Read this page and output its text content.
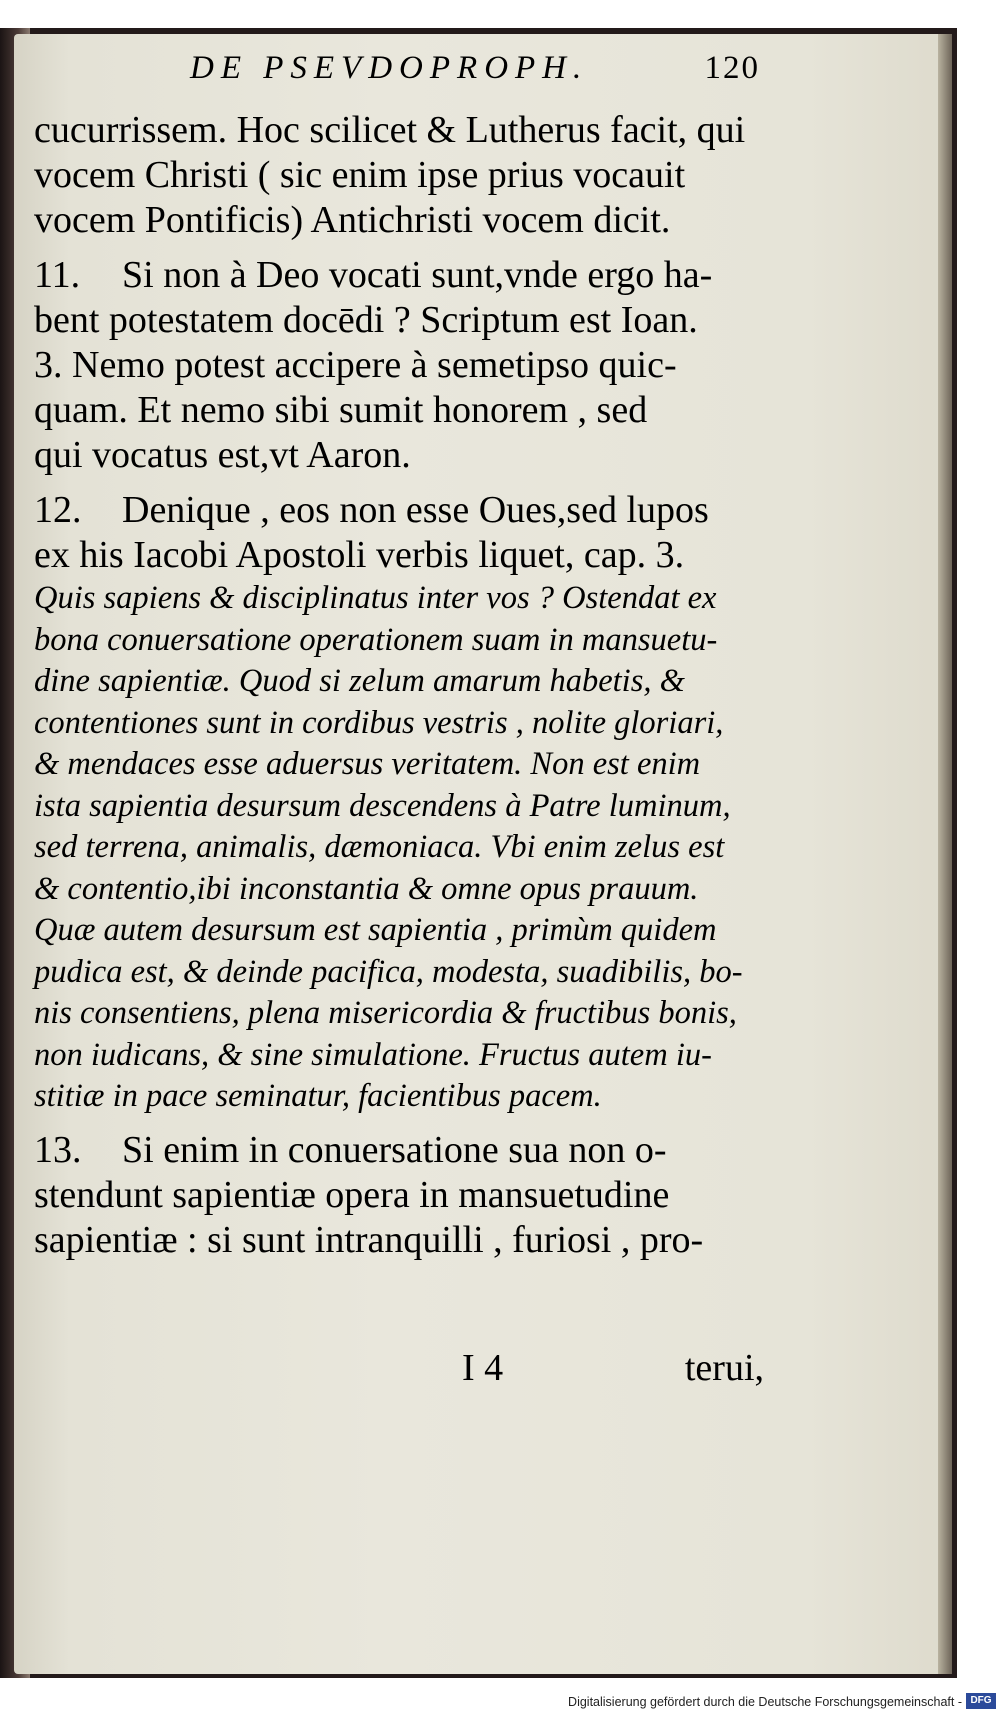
DE PSEVDOPROPH.	120
cucurrissem. Hoc scilicet & Lutherus facit, qui
vocem Christi ( sic enim ipse prius vocauit
vocem Pontificis) Antichristi vocem dicit.
11. Si non à Deo vocati sunt,vnde ergo ha-
bent potestatem docēdi ? Scriptum est Ioan.
3. Nemo potest accipere à semetipso quic-
quam. Et nemo sibi sumit honorem , sed
qui vocatus est,vt Aaron.
12. Denique , eos non esse Oues,sed lupos
ex his Iacobi Apostoli verbis liquet, cap. 3.
Quis sapiens & disciplinatus inter vos ? Ostendat ex
bona conuersatione operationem suam in mansuetu-
dine sapientiæ. Quod si zelum amarum habetis, &
contentiones sunt in cordibus vestris , nolite gloriari,
& mendaces esse aduersus veritatem. Non est enim
ista sapientia desursum descendens à Patre luminum,
sed terrena, animalis, dæmoniaca. Vbi enim zelus est
& contentio,ibi inconstantia & omne opus prauum.
Quæ autem desursum est sapientia , primùm quidem
pudica est, & deinde pacifica, modesta, suadibilis, bo-
nis consentiens, plena misericordia & fructibus bonis,
non iudicans, & sine simulatione. Fructus autem iu-
stitiæ in pace seminatur, facientibus pacem.
13. Si enim in conuersatione sua non o-
stendunt sapientiæ opera in mansuetudine
sapientiæ : si sunt intranquilli , furiosi , pro-
I 4	terui,
Digitalisierung gefördert durch die Deutsche Forschungsgemeinschaft - DFG
